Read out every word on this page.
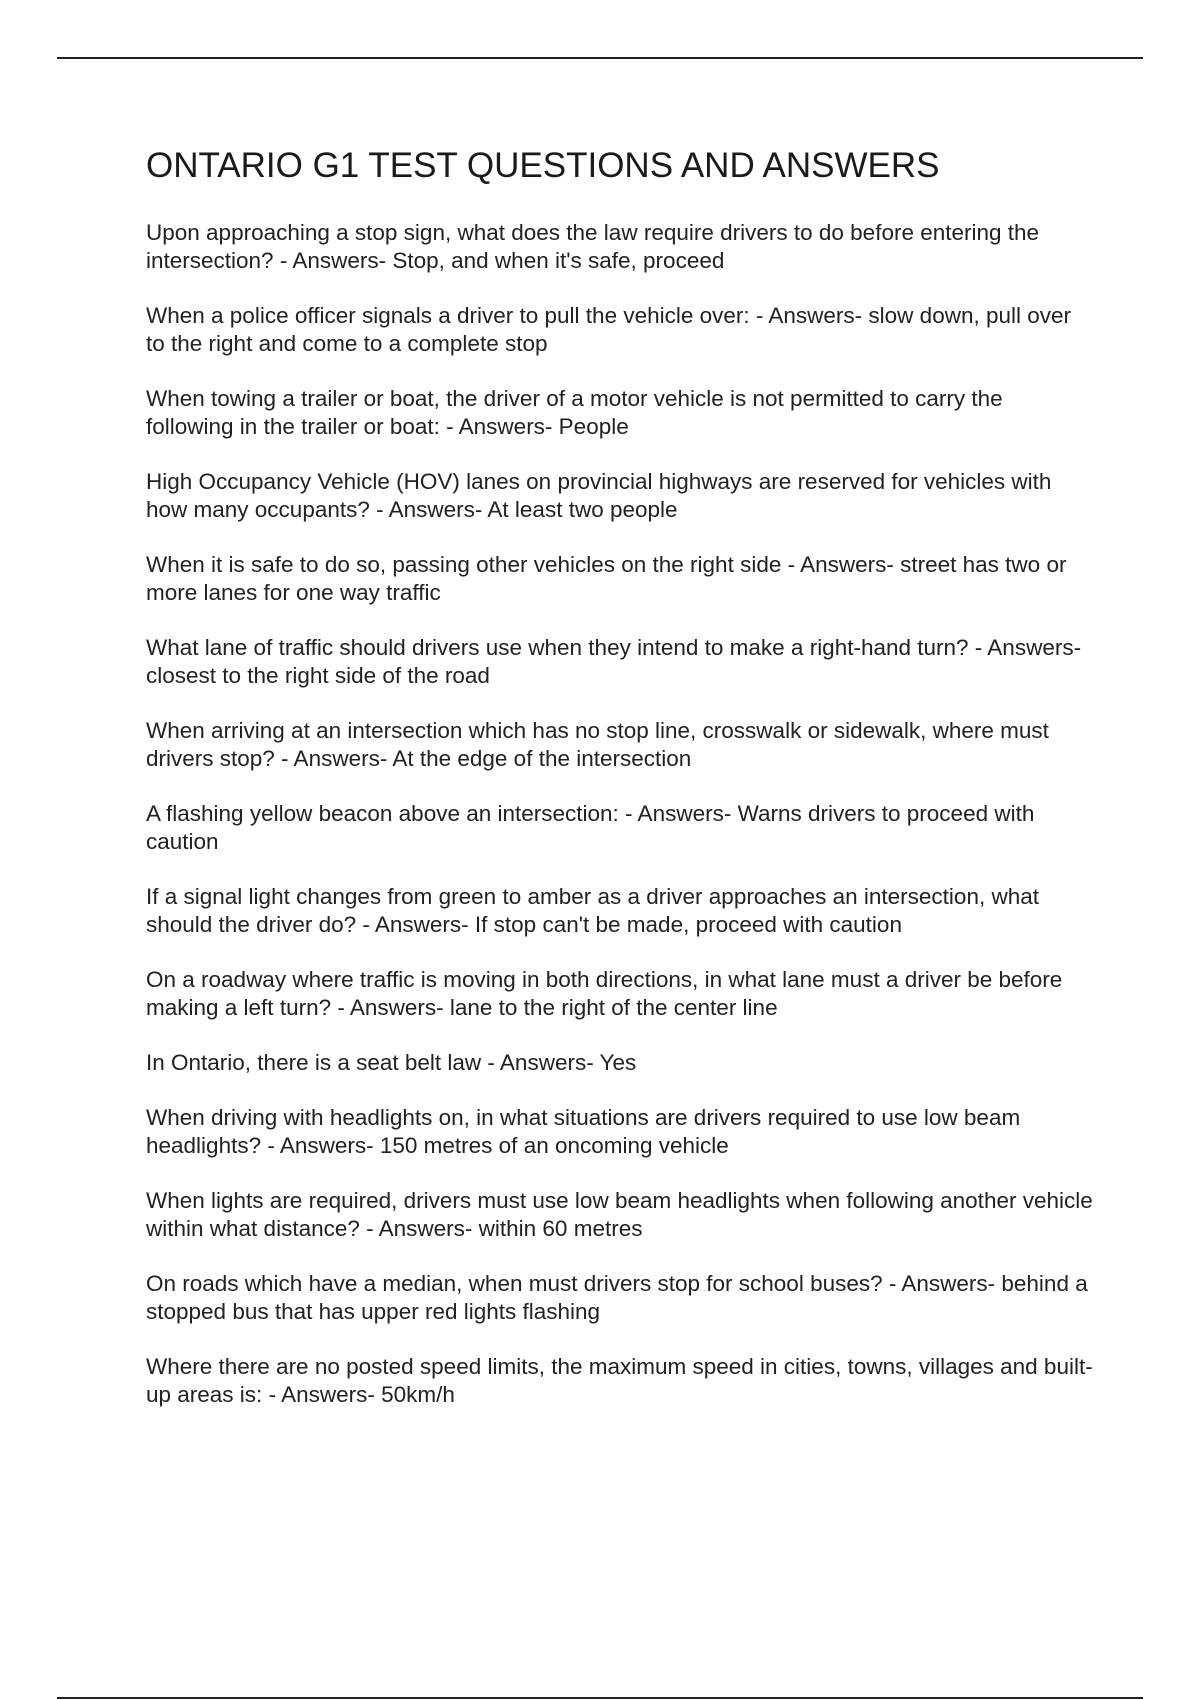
ONTARIO G1 TEST QUESTIONS AND ANSWERS
Upon approaching a stop sign, what does the law require drivers to do before entering the intersection? - Answers- Stop, and when it's safe, proceed
When a police officer signals a driver to pull the vehicle over: - Answers- slow down, pull over to the right and come to a complete stop
When towing a trailer or boat, the driver of a motor vehicle is not permitted to carry the following in the trailer or boat: - Answers- People
High Occupancy Vehicle (HOV) lanes on provincial highways are reserved for vehicles with how many occupants? - Answers- At least two people
When it is safe to do so, passing other vehicles on the right side - Answers- street has two or more lanes for one way traffic
What lane of traffic should drivers use when they intend to make a right-hand turn? - Answers- closest to the right side of the road
When arriving at an intersection which has no stop line, crosswalk or sidewalk, where must drivers stop? - Answers- At the edge of the intersection
A flashing yellow beacon above an intersection: - Answers- Warns drivers to proceed with caution
If a signal light changes from green to amber as a driver approaches an intersection, what should the driver do? - Answers- If stop can't be made, proceed with caution
On a roadway where traffic is moving in both directions, in what lane must a driver be before making a left turn? - Answers- lane to the right of the center line
In Ontario, there is a seat belt law - Answers- Yes
When driving with headlights on, in what situations are drivers required to use low beam headlights? - Answers- 150 metres of an oncoming vehicle
When lights are required, drivers must use low beam headlights when following another vehicle within what distance? - Answers- within 60 metres
On roads which have a median, when must drivers stop for school buses? - Answers- behind a stopped bus that has upper red lights flashing
Where there are no posted speed limits, the maximum speed in cities, towns, villages and built-up areas is: - Answers- 50km/h
